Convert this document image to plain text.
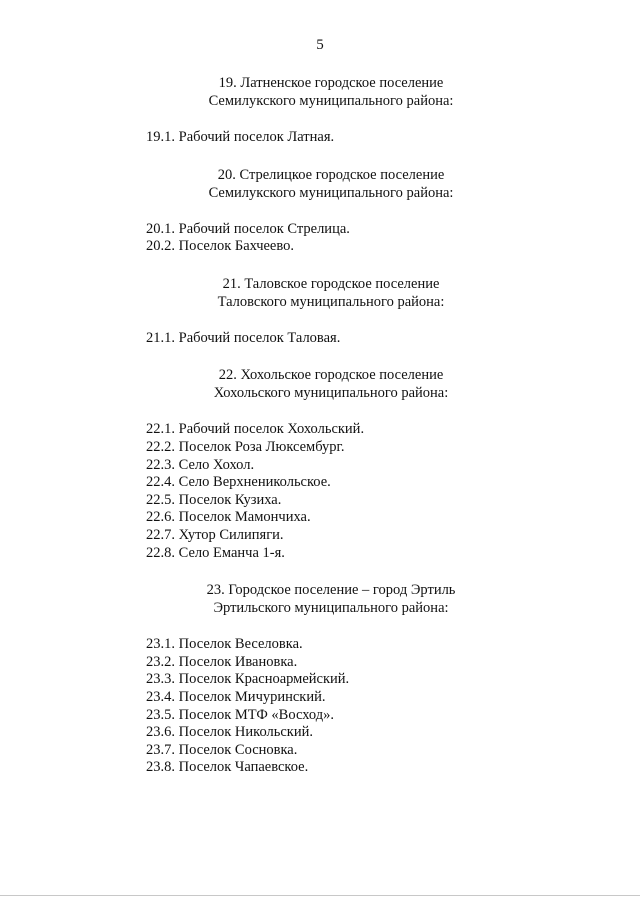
5
19. Латненское городское поселение
Семилукского муниципального района:
19.1. Рабочий поселок Латная.
20. Стрелицкое городское поселение
Семилукского муниципального района:
20.1. Рабочий поселок Стрелица.
20.2. Поселок Бахчеево.
21. Таловское городское поселение
Таловского муниципального района:
21.1. Рабочий поселок Таловая.
22. Хохольское городское поселение
Хохольского муниципального района:
22.1. Рабочий поселок Хохольский.
22.2. Поселок Роза Люксембург.
22.3. Село Хохол.
22.4. Село Верхненикольское.
22.5. Поселок Кузиха.
22.6. Поселок Мамончиха.
22.7. Хутор Силипяги.
22.8. Село Еманча 1-я.
23. Городское поселение – город Эртиль
Эртильского муниципального района:
23.1. Поселок Веселовка.
23.2. Поселок Ивановка.
23.3. Поселок Красноармейский.
23.4. Поселок Мичуринский.
23.5. Поселок МТФ «Восход».
23.6. Поселок Никольский.
23.7. Поселок Сосновка.
23.8. Поселок Чапаевское.
